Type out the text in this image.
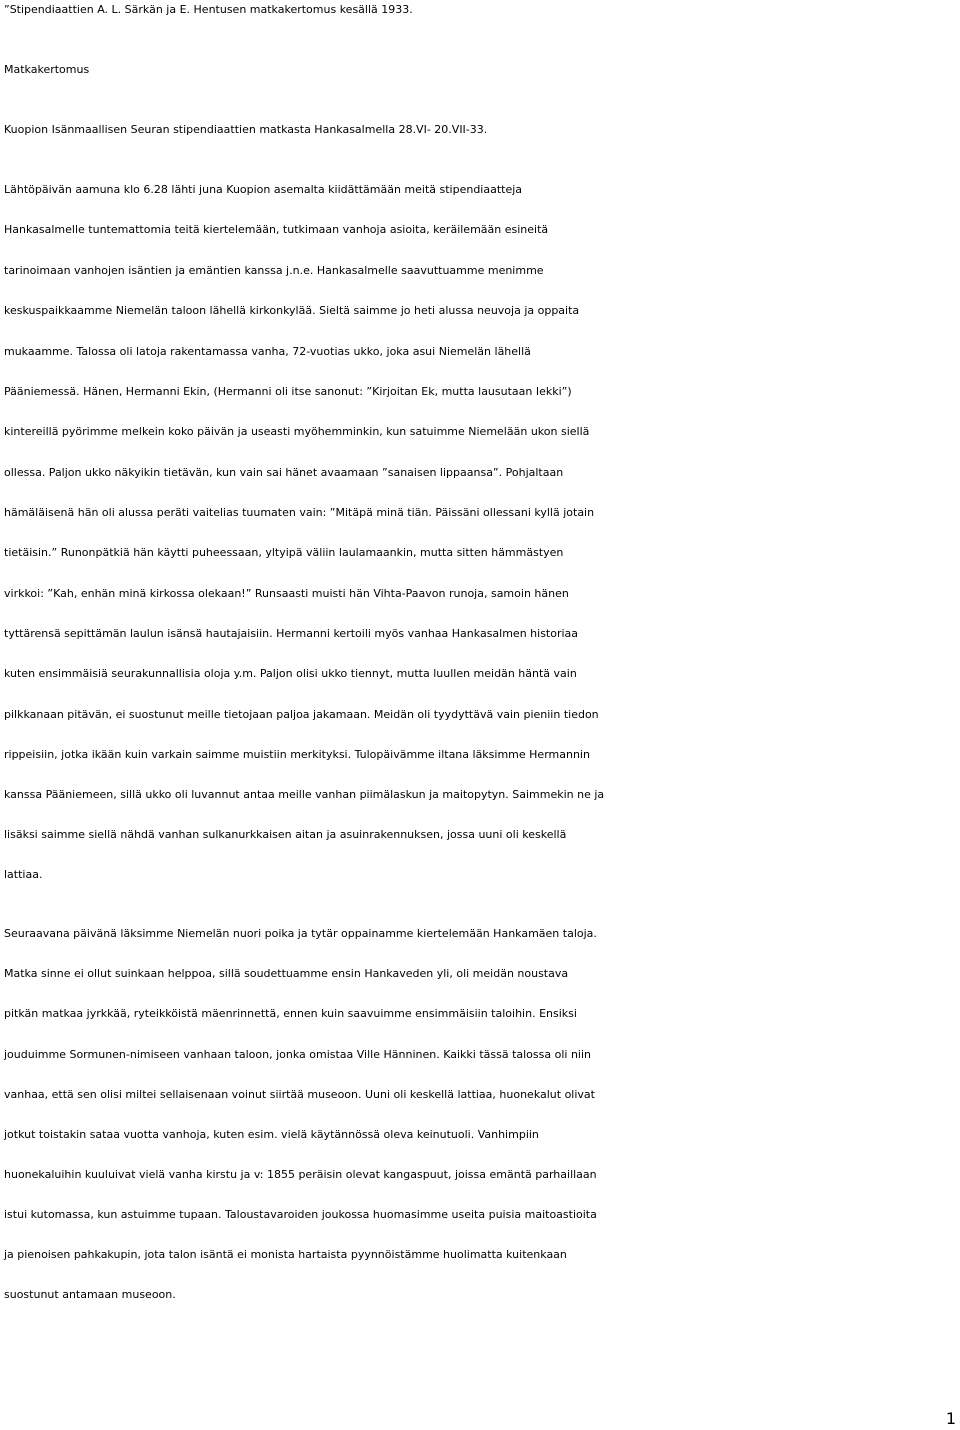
”Stipendiaattien A. L. Särkän ja E. Hentusen matkakertomus kesällä 1933.
Matkakertomus
Kuopion Isänmaallisen Seuran stipendiaattien matkasta Hankasalmella 28.VI- 20.VII-33.
Lähtöpäivän aamuna klo 6.28 lähti juna Kuopion asemalta kiidättämään meitä stipendiaatteja
Hankasalmelle tuntemattomia teitä kiertelemään, tutkimaan vanhoja asioita, keräilemään esineitä
tarinoimaan vanhojen isäntien ja emäntien kanssa j.n.e. Hankasalmelle saavuttuamme menimme
keskuspaikkaamme Niemelän taloon lähellä kirkonkylää. Sieltä saimme jo heti alussa neuvoja ja oppaita
mukaamme. Talossa oli latoja rakentamassa vanha, 72-vuotias ukko, joka asui Niemelän lähellä
Pääniemessä. Hänen, Hermanni Ekin, (Hermanni oli itse sanonut: ”Kirjoitan Ek, mutta lausutaan Iekki”)
kintereillä pyörimme melkein koko päivän ja useasti myöhemminkin, kun satuimme Niemelään ukon siellä
ollessa. Paljon ukko näkyikin tietävän, kun vain sai hänet avaamaan ”sanaisen lippaansa”. Pohjaltaan
hämäläisenä hän oli alussa peräti vaitelias tuumaten vain: ”Mitäpä minä tiän. Päissäni ollessani kyllä jotain
tietäisin.” Runonpätkiä hän käytti puheessaan, yltyipä väliin laulamaankin, mutta sitten hämmästyen
virkkoi: ”Kah, enhän minä kirkossa olekaan!” Runsaasti muisti hän Vihta-Paavon runoja, samoin hänen
tyttärensä sepittämän laulun isänsä hautajaisiin. Hermanni kertoili myös vanhaa Hankasalmen historiaa
kuten ensimmäisiä seurakunnallisia oloja y.m. Paljon olisi ukko tiennyt, mutta luullen meidän häntä vain
pilkkanaan pitävän, ei suostunut meille tietojaan paljoa jakamaan. Meidän oli tyydyttävä vain pieniin tiedon
rippeisiin, jotka ikään kuin varkain saimme muistiin merkityksi. Tulopäivämme iltana läksimme Hermannin
kanssa Pääniemeen, sillä ukko oli luvannut antaa meille vanhan piimälaskun ja maitopytyn. Saimmekin ne ja
lisäksi saimme siellä nähdä vanhan sulkanurkkaisen aitan ja asuinrakennuksen, jossa uuni oli keskellä
lattiaa.
Seuraavana päivänä läksimme Niemelän nuori poika ja tytär oppainamme kiertelemään Hankamäen taloja.
Matka sinne ei ollut suinkaan helppoa, sillä soudettuamme ensin Hankaveden yli, oli meidän noustava
pitkän matkaa jyrkkää, ryteikköistä mäenrinnettä, ennen kuin saavuimme ensimmäisiin taloihin. Ensiksi
jouduimme Sormunen-nimiseen vanhaan taloon, jonka omistaa Ville Hänninen. Kaikki tässä talossa oli niin
vanhaa, että sen olisi miltei sellaisenaan voinut siirtää museoon. Uuni oli keskellä lattiaa, huonekalut olivat
jotkut toistakin sataa vuotta vanhoja, kuten esim. vielä käytännössä oleva keinutuoli. Vanhimpiin
huonekaluihin kuuluivat vielä vanha kirstu ja v: 1855 peräisin olevat kangaspuut, joissa emäntä parhaillaan
istui kutomassa, kun astuimme tupaan. Taloustavaroiden joukossa huomasimme useita puisia maitoastioita
ja pienoisen pahkakupin, jota talon isäntä ei monista hartaista pyynnöistämme huolimatta kuitenkaan
suostunut antamaan museoon.
1
